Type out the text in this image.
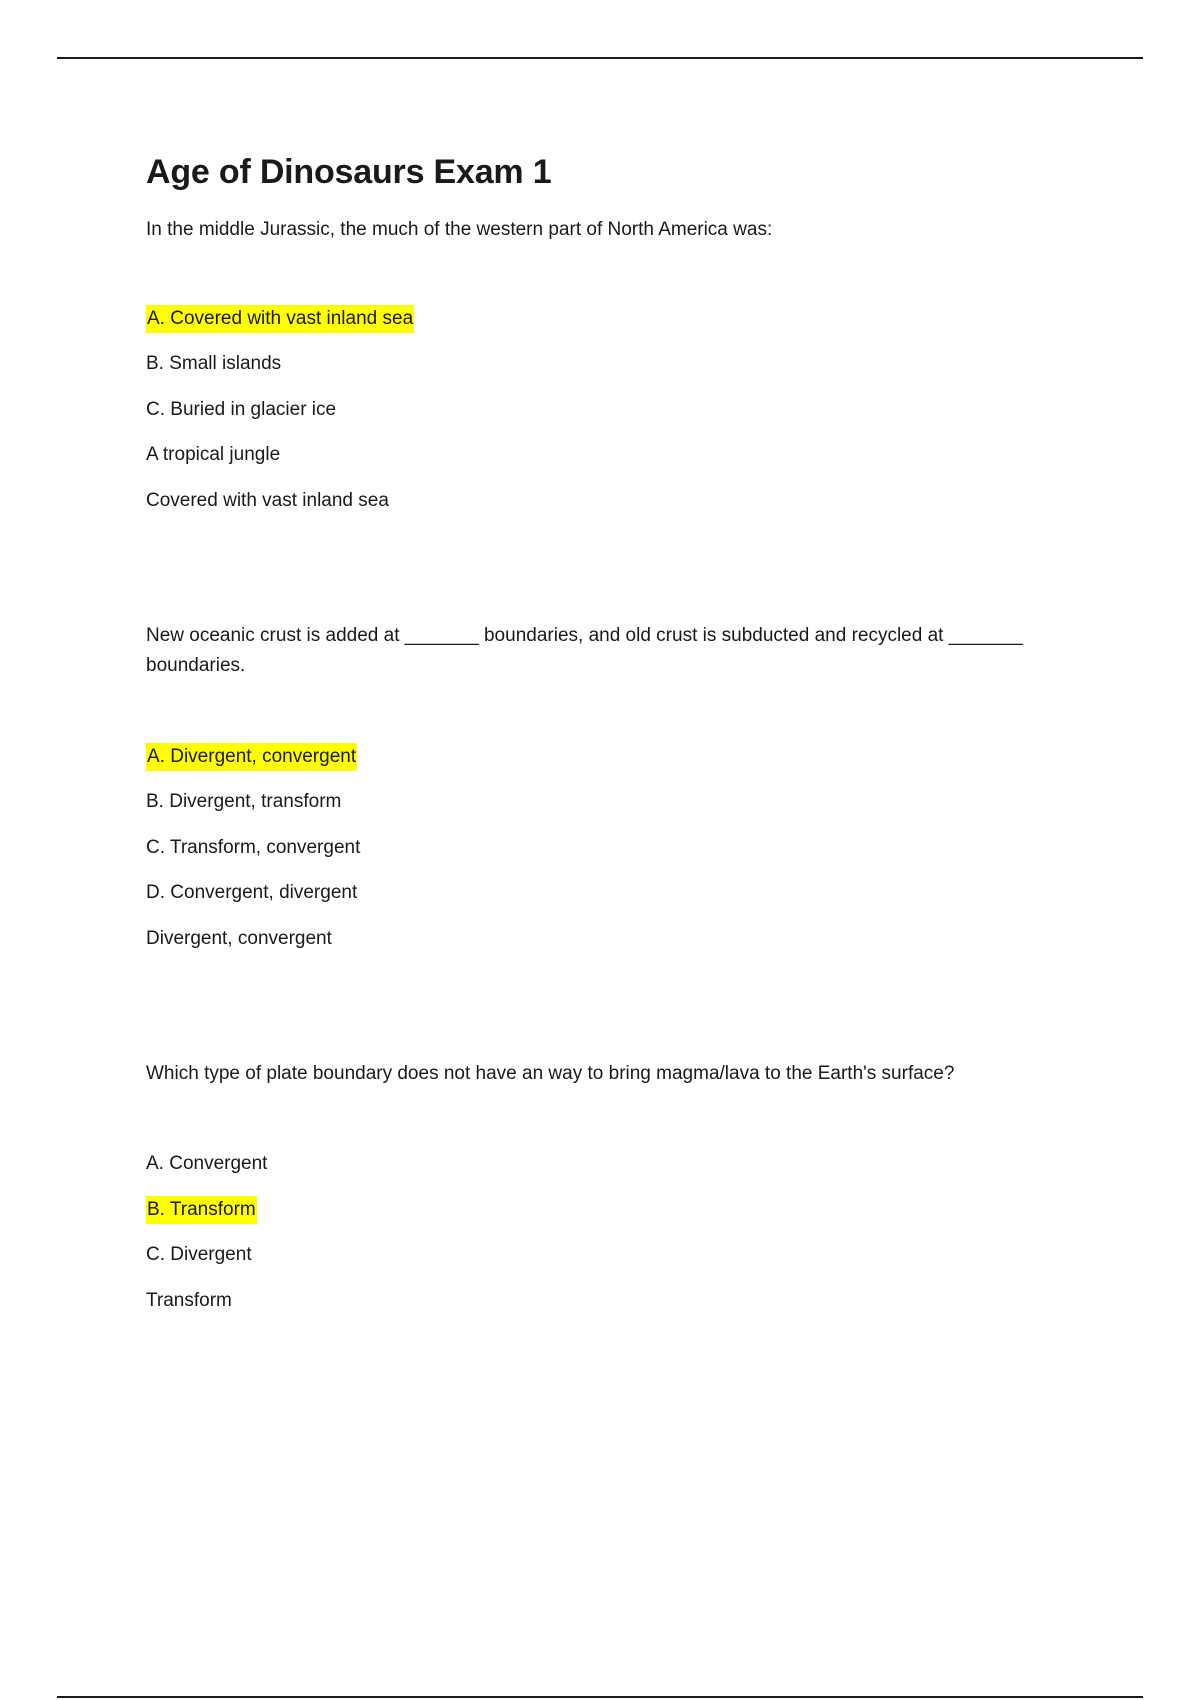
Age of Dinosaurs Exam 1

In the middle Jurassic, the much of the western part of North America was:

A. Covered with vast inland sea

B. Small islands

C. Buried in glacier ice

A tropical jungle

Covered with vast inland sea

New oceanic crust is added at _______ boundaries, and old crust is subducted and recycled at _______ boundaries.

A. Divergent, convergent

B. Divergent, transform

C. Transform, convergent

D. Convergent, divergent

Divergent, convergent

Which type of plate boundary does not have an way to bring magma/lava to the Earth's surface?

A. Convergent

B. Transform

C. Divergent

Transform
